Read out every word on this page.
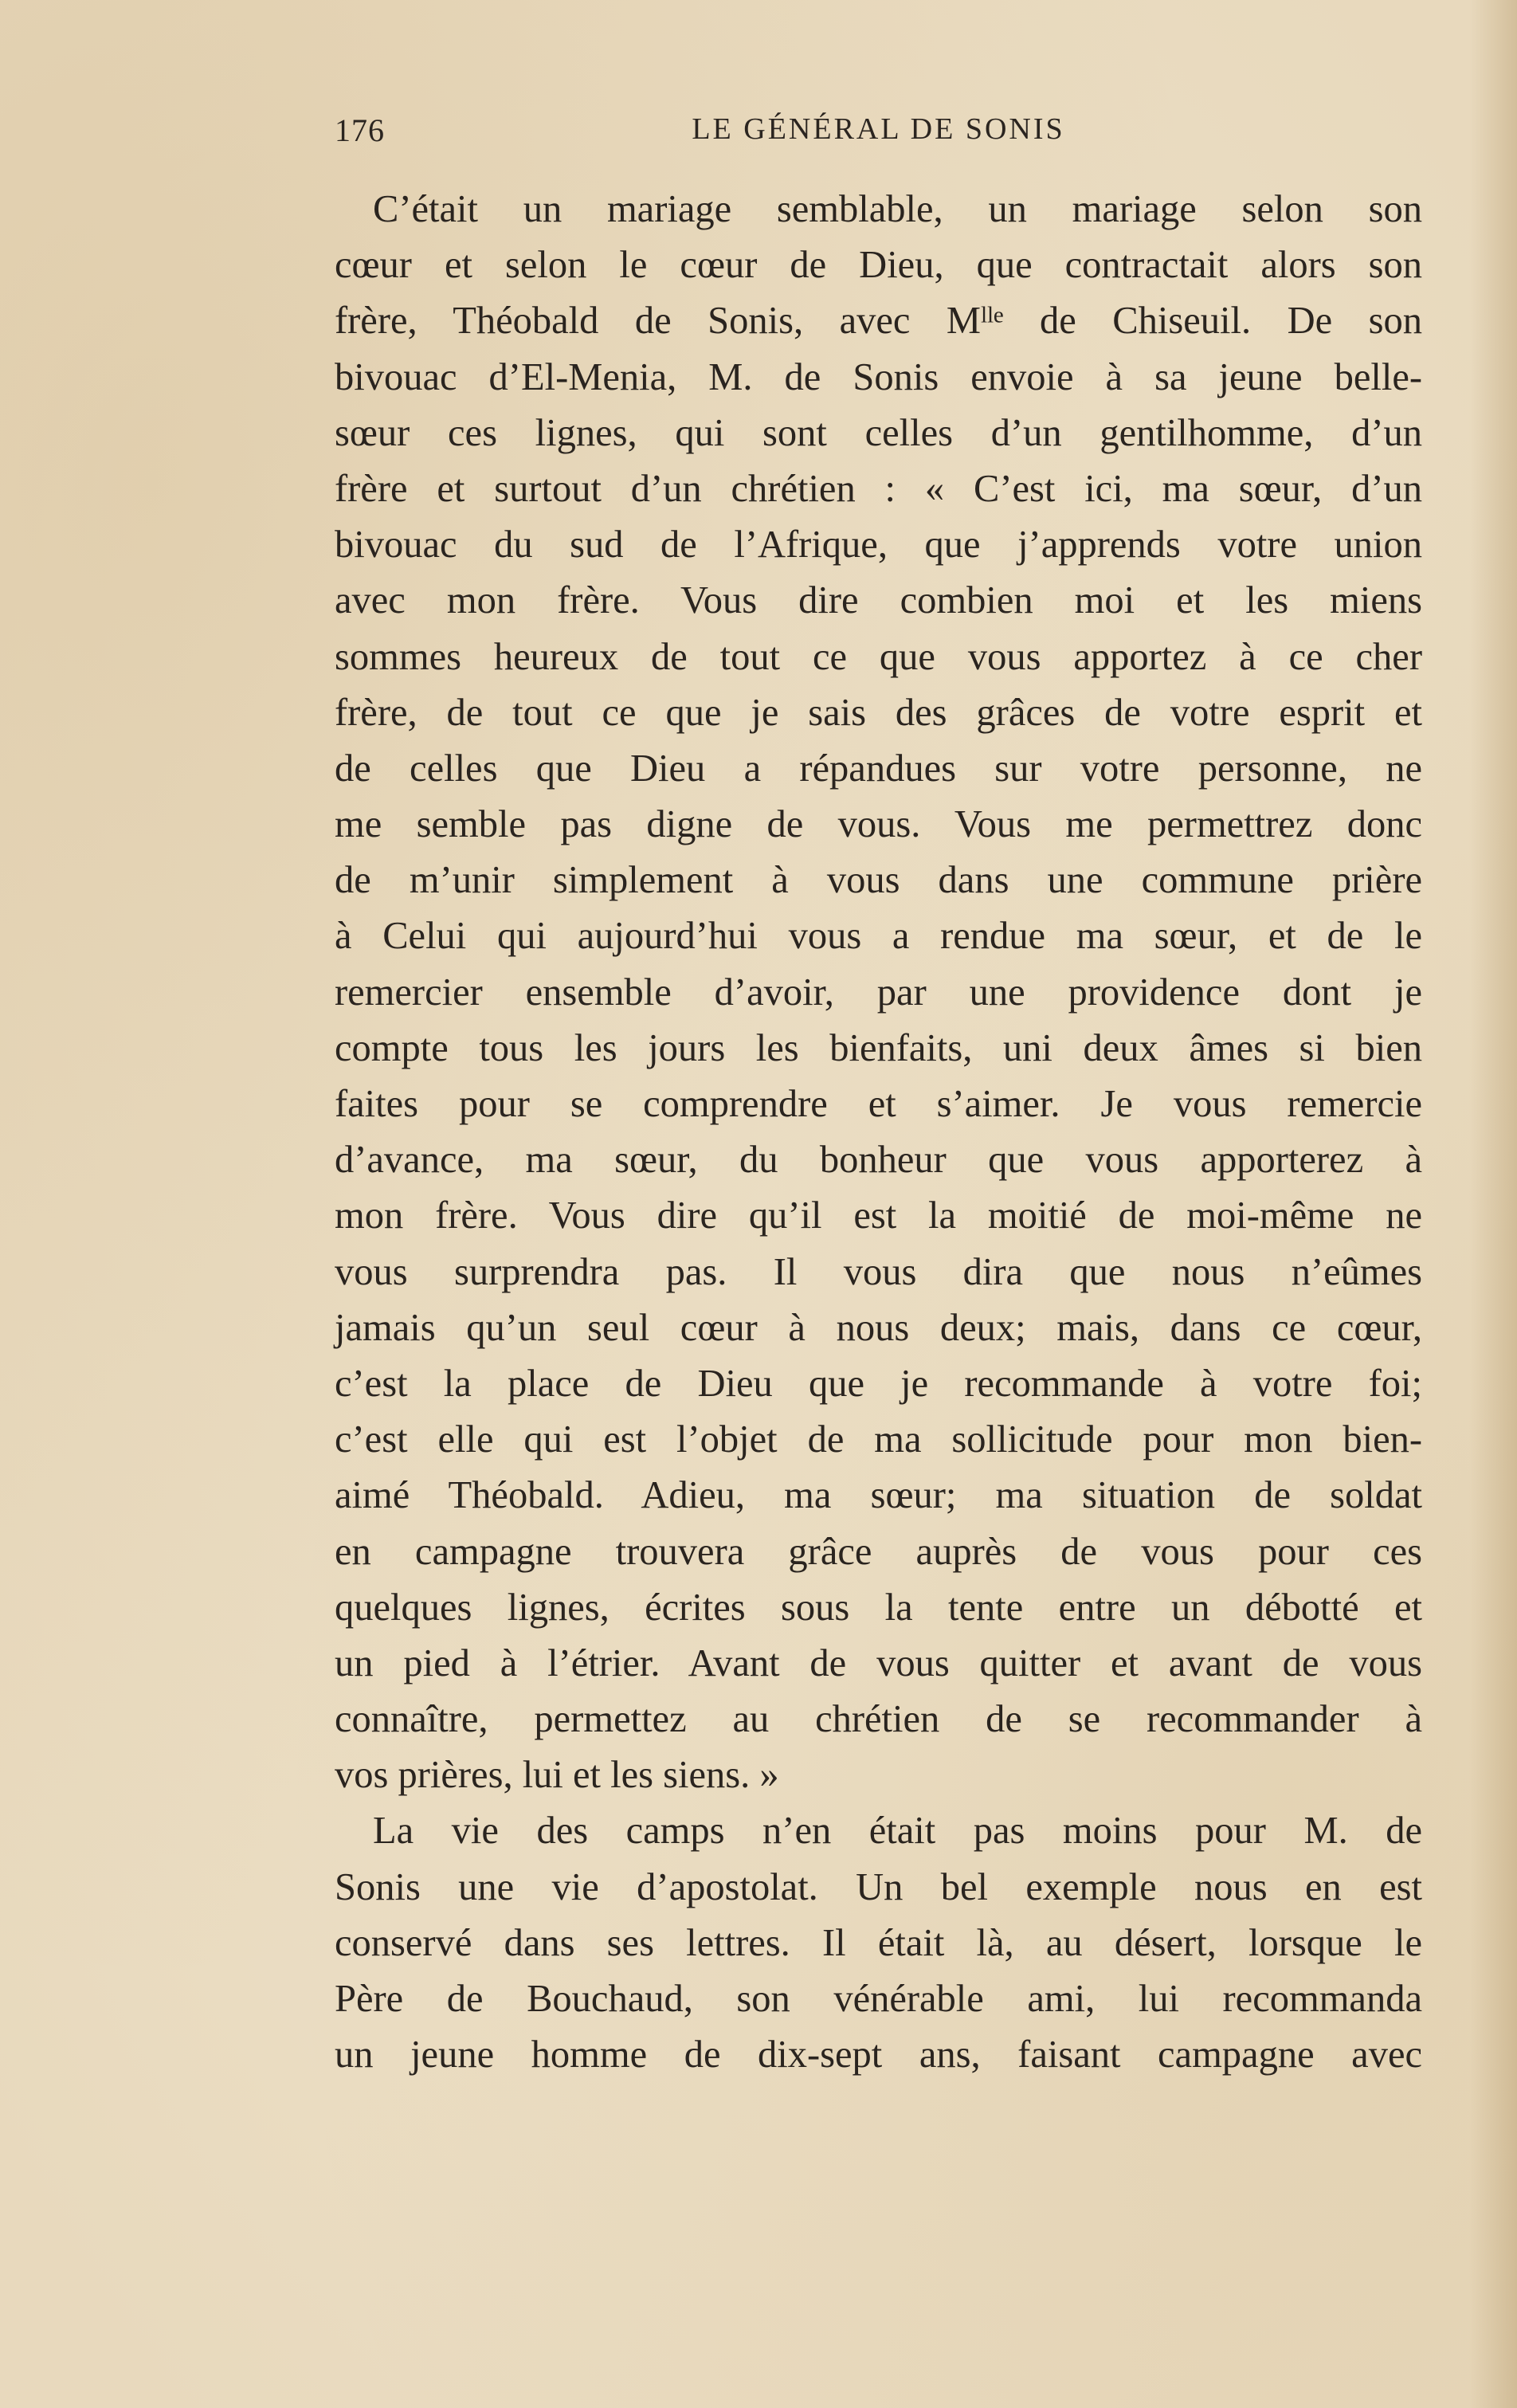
176	LE GÉNÉRAL DE SONIS
C’était un mariage semblable, un mariage selon son
cœur et selon le cœur de Dieu, que contractait alors son
frère, Théobald de Sonis, avec Mˡˡᵉ de Chiseuil. De son
bivouac d’El-Menia, M. de Sonis envoie à sa jeune belle-
sœur ces lignes, qui sont celles d’un gentilhomme, d’un
frère et surtout d’un chrétien : « C’est ici, ma sœur, d’un
bivouac du sud de l’Afrique, que j’apprends votre union
avec mon frère. Vous dire combien moi et les miens
sommes heureux de tout ce que vous apportez à ce cher
frère, de tout ce que je sais des grâces de votre esprit et
de celles que Dieu a répandues sur votre personne, ne
me semble pas digne de vous. Vous me permettrez donc
de m’unir simplement à vous dans une commune prière
à Celui qui aujourd’hui vous a rendue ma sœur, et de le
remercier ensemble d’avoir, par une providence dont je
compte tous les jours les bienfaits, uni deux âmes si bien
faites pour se comprendre et s’aimer. Je vous remercie
d’avance, ma sœur, du bonheur que vous apporterez à
mon frère. Vous dire qu’il est la moitié de moi-même ne
vous surprendra pas. Il vous dira que nous n’eûmes
jamais qu’un seul cœur à nous deux; mais, dans ce cœur,
c’est la place de Dieu que je recommande à votre foi;
c’est elle qui est l’objet de ma sollicitude pour mon bien-
aimé Théobald. Adieu, ma sœur; ma situation de soldat
en campagne trouvera grâce auprès de vous pour ces
quelques lignes, écrites sous la tente entre un débotté et
un pied à l’étrier. Avant de vous quitter et avant de vous
connaître, permettez au chrétien de se recommander à
vos prières, lui et les siens. »
La vie des camps n’en était pas moins pour M. de
Sonis une vie d’apostolat. Un bel exemple nous en est
conservé dans ses lettres. Il était là, au désert, lorsque le
Père de Bouchaud, son vénérable ami, lui recommanda
un jeune homme de dix-sept ans, faisant campagne avec
